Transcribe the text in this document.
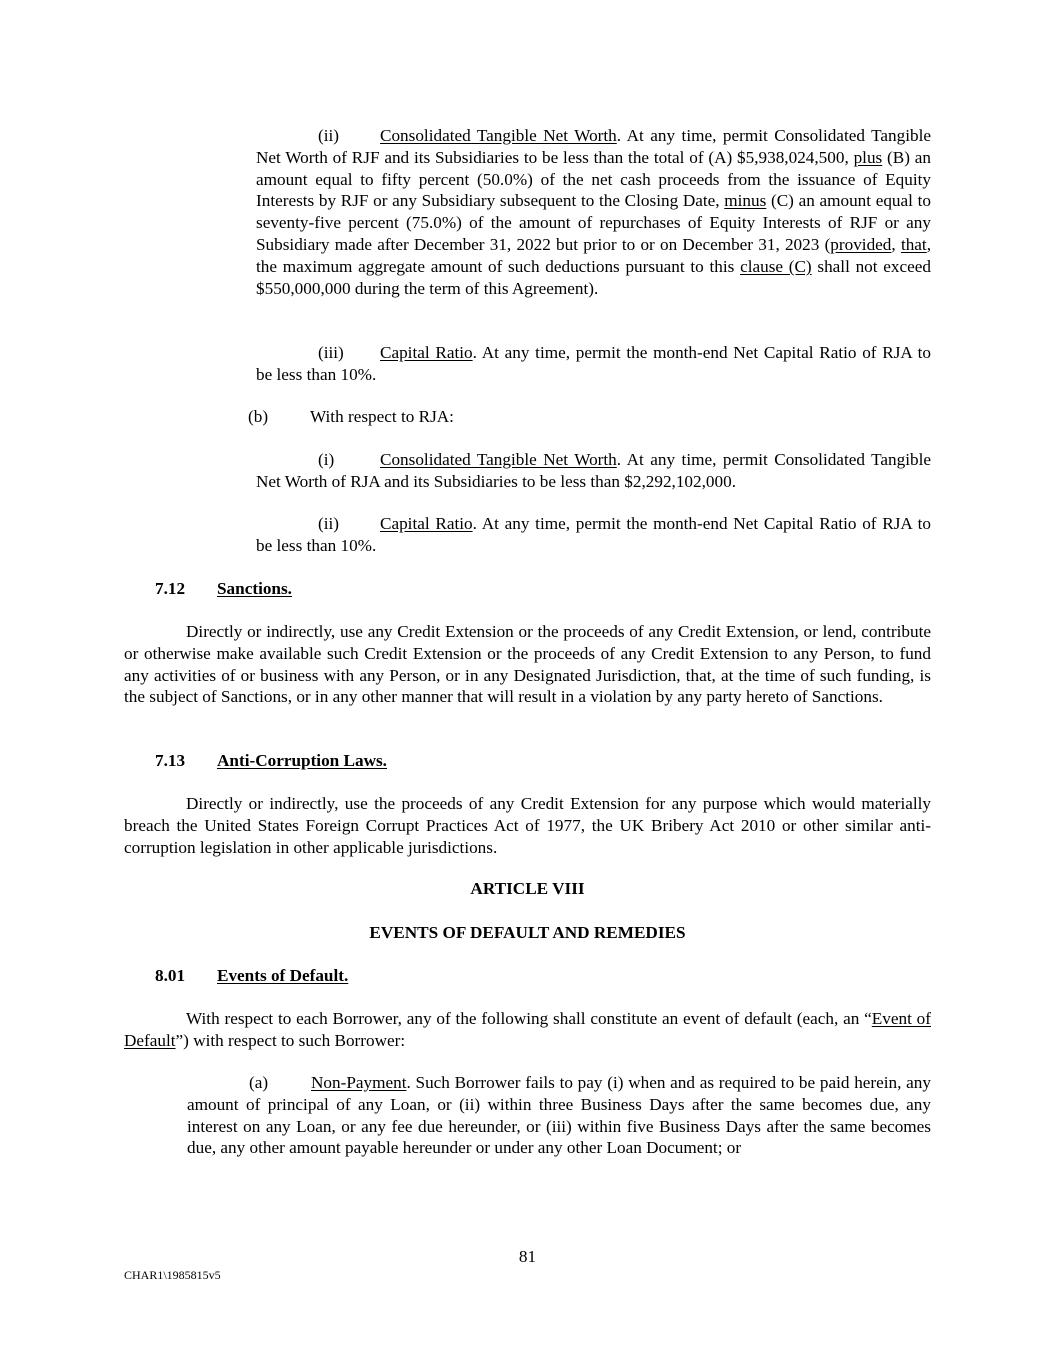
(ii) Consolidated Tangible Net Worth. At any time, permit Consolidated Tangible Net Worth of RJF and its Subsidiaries to be less than the total of (A) $5,938,024,500, plus (B) an amount equal to fifty percent (50.0%) of the net cash proceeds from the issuance of Equity Interests by RJF or any Subsidiary subsequent to the Closing Date, minus (C) an amount equal to seventy-five percent (75.0%) of the amount of repurchases of Equity Interests of RJF or any Subsidiary made after December 31, 2022 but prior to or on December 31, 2023 (provided, that, the maximum aggregate amount of such deductions pursuant to this clause (C) shall not exceed $550,000,000 during the term of this Agreement).
(iii) Capital Ratio. At any time, permit the month-end Net Capital Ratio of RJA to be less than 10%.
(b) With respect to RJA:
(i)	Consolidated Tangible Net Worth. At any time, permit Consolidated Tangible Net Worth of RJA and its Subsidiaries to be less than $2,292,102,000.
(ii) Capital Ratio. At any time, permit the month-end Net Capital Ratio of RJA to be less than 10%.
7.12 Sanctions.
Directly or indirectly, use any Credit Extension or the proceeds of any Credit Extension, or lend, contribute or otherwise make available such Credit Extension or the proceeds of any Credit Extension to any Person, to fund any activities of or business with any Person, or in any Designated Jurisdiction, that, at the time of such funding, is the subject of Sanctions, or in any other manner that will result in a violation by any party hereto of Sanctions.
7.13 Anti-Corruption Laws.
Directly or indirectly, use the proceeds of any Credit Extension for any purpose which would materially breach the United States Foreign Corrupt Practices Act of 1977, the UK Bribery Act 2010 or other similar anti-corruption legislation in other applicable jurisdictions.
ARTICLE VIII
EVENTS OF DEFAULT AND REMEDIES
8.01 Events of Default.
With respect to each Borrower, any of the following shall constitute an event of default (each, an “Event of Default”) with respect to such Borrower:
(a) Non-Payment. Such Borrower fails to pay (i) when and as required to be paid herein, any amount of principal of any Loan, or (ii) within three Business Days after the same becomes due, any interest on any Loan, or any fee due hereunder, or (iii) within five Business Days after the same becomes due, any other amount payable hereunder or under any other Loan Document; or
81
CHAR1\1985815v5
